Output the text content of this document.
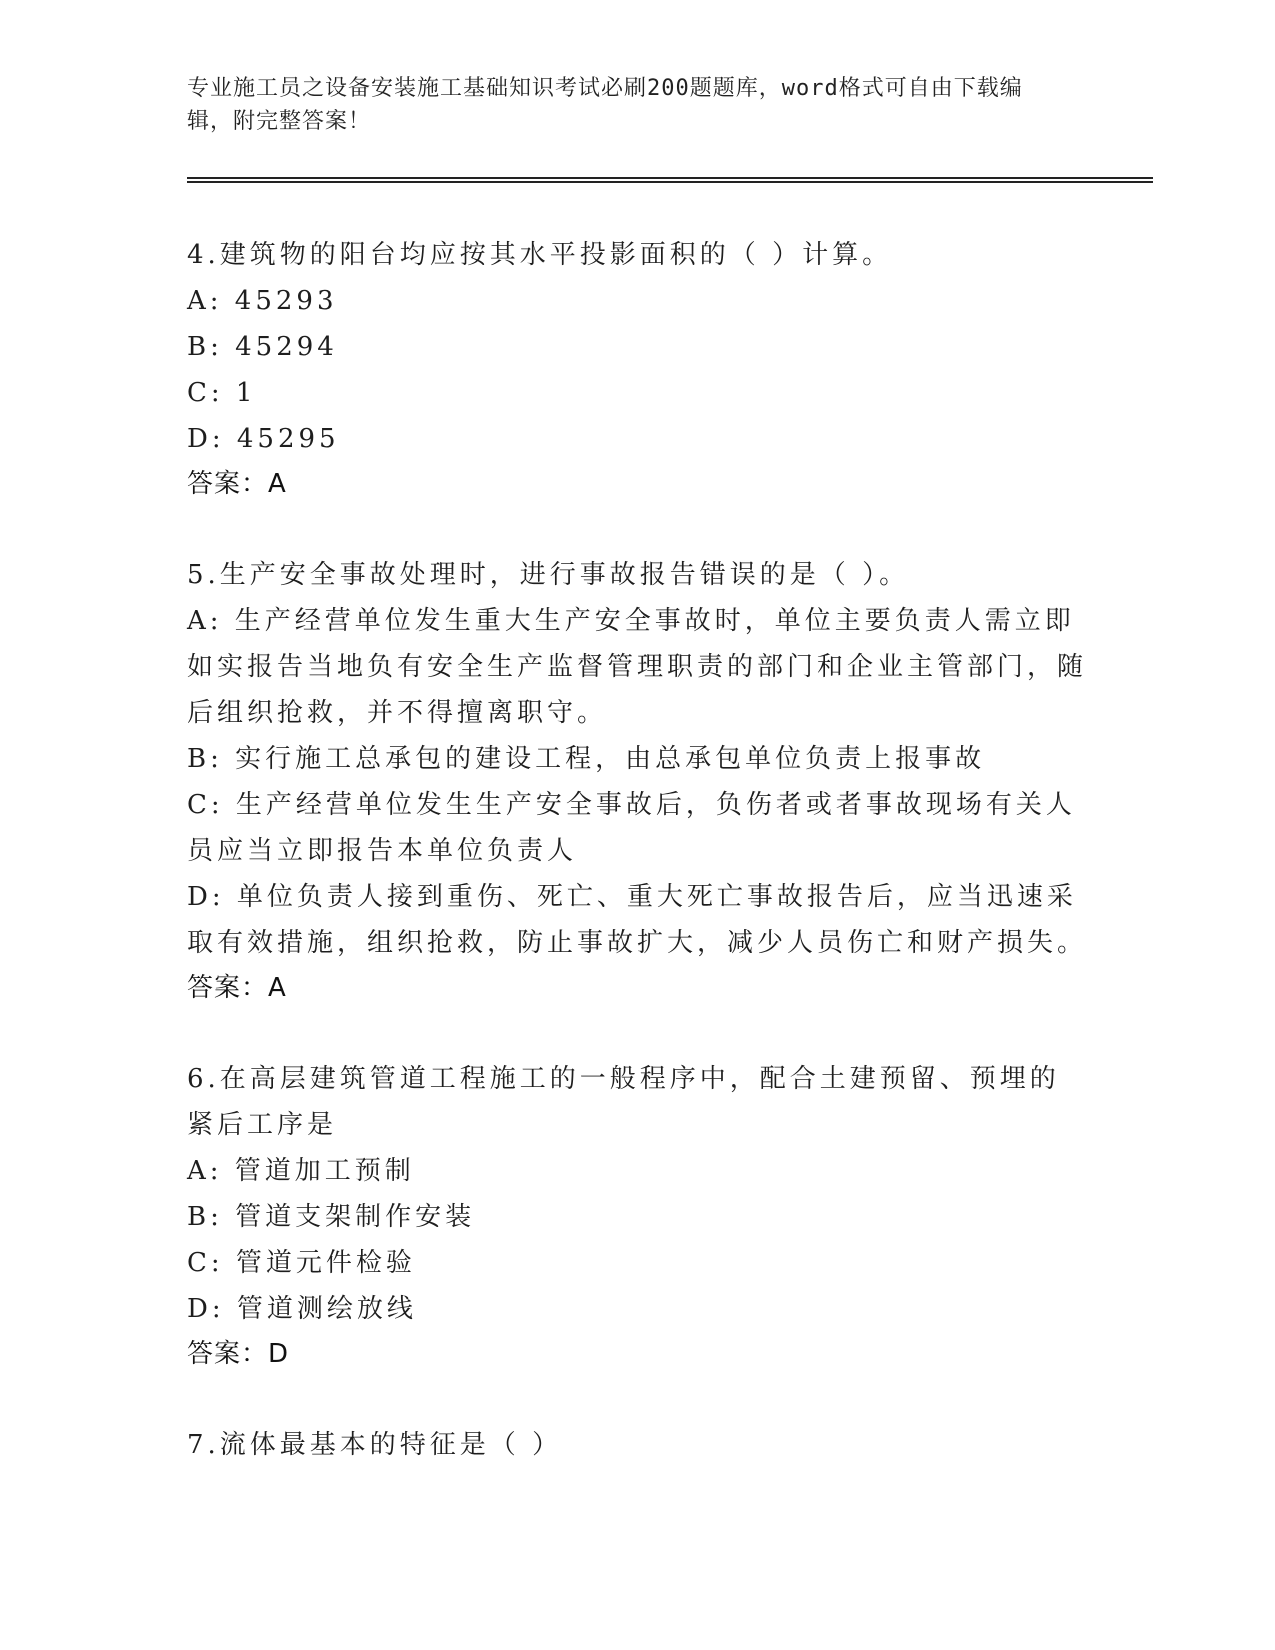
专业施工员之设备安装施工基础知识考试必刷200题题库，word格式可自由下载编辑，附完整答案！
4.建筑物的阳台均应按其水平投影面积的（ ）计算。
A: 45293
B: 45294
C: 1
D: 45295
答案：A
5.生产安全事故处理时，进行事故报告错误的是（ ）。
A: 生产经营单位发生重大生产安全事故时，单位主要负责人需立即如实报告当地负有安全生产监督管理职责的部门和企业主管部门，随后组织抢救，并不得擅离职守。
B: 实行施工总承包的建设工程，由总承包单位负责上报事故
C: 生产经营单位发生生产安全事故后，负伤者或者事故现场有关人员应当立即报告本单位负责人
D: 单位负责人接到重伤、死亡、重大死亡事故报告后，应当迅速采取有效措施，组织抢救，防止事故扩大，减少人员伤亡和财产损失。
答案：A
6.在高层建筑管道工程施工的一般程序中，配合土建预留、预埋的紧后工序是
A: 管道加工预制
B: 管道支架制作安装
C: 管道元件检验
D: 管道测绘放线
答案：D
7.流体最基本的特征是（ ）
